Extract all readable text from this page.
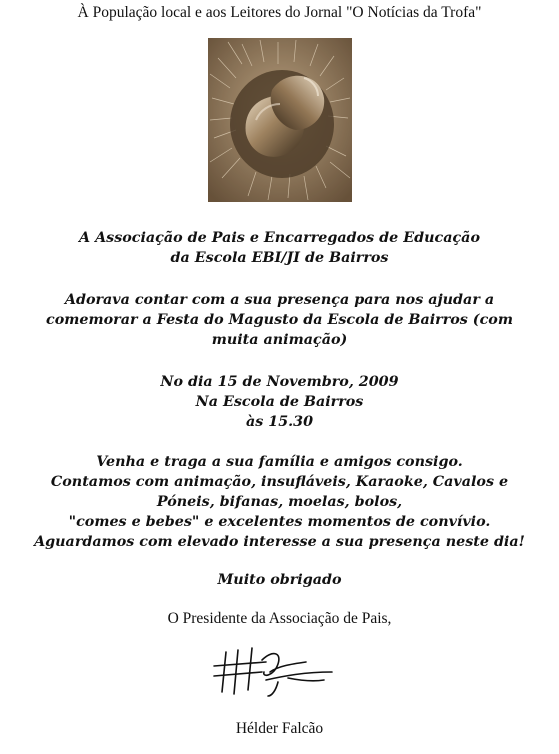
À População local e aos Leitores do Jornal "O Notícias da Trofa"
A Associação de Pais e Encarregados de Educação
da Escola EBI/JI de Bairros
Adorava contar com a sua presença para nos ajudar a
comemorar a Festa do Magusto da Escola de Bairros (com
muita animação)
No dia 15 de Novembro, 2009
Na Escola de Bairros
às 15.30
Venha e traga a sua família e amigos consigo.
Contamos com animação, insufláveis, Karaoke, Cavalos e
Póneis, bifanas, moelas, bolos,
"comes e bebes" e excelentes momentos de convívio.
Aguardamos com elevado interesse a sua presença neste dia!
Muito obrigado
O Presidente da Associação de Pais,
Hélder Falcão
